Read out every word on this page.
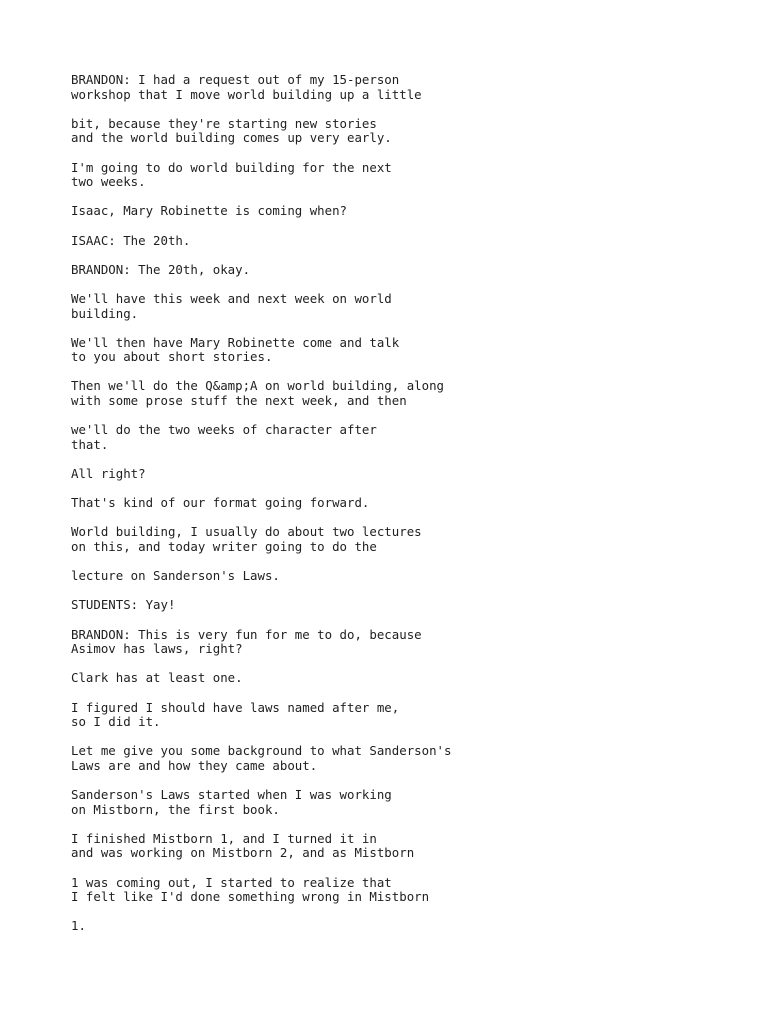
BRANDON: I had a request out of my 15-person
workshop that I move world building up a little
bit, because they're starting new stories
and the world building comes up very early.
I'm going to do world building for the next
two weeks.
Isaac, Mary Robinette is coming when?
ISAAC: The 20th.
BRANDON: The 20th, okay.
We'll have this week and next week on world
building.
We'll then have Mary Robinette come and talk
to you about short stories.
Then we'll do the Q&amp;A on world building, along
with some prose stuff the next week, and then
we'll do the two weeks of character after
that.
All right?
That's kind of our format going forward.
World building, I usually do about two lectures
on this, and today writer going to do the
lecture on Sanderson's Laws.
STUDENTS: Yay!
BRANDON: This is very fun for me to do, because
Asimov has laws, right?
Clark has at least one.
I figured I should have laws named after me,
so I did it.
Let me give you some background to what Sanderson's
Laws are and how they came about.
Sanderson's Laws started when I was working
on Mistborn, the first book.
I finished Mistborn 1, and I turned it in
and was working on Mistborn 2, and as Mistborn
1 was coming out, I started to realize that
I felt like I'd done something wrong in Mistborn
1.
